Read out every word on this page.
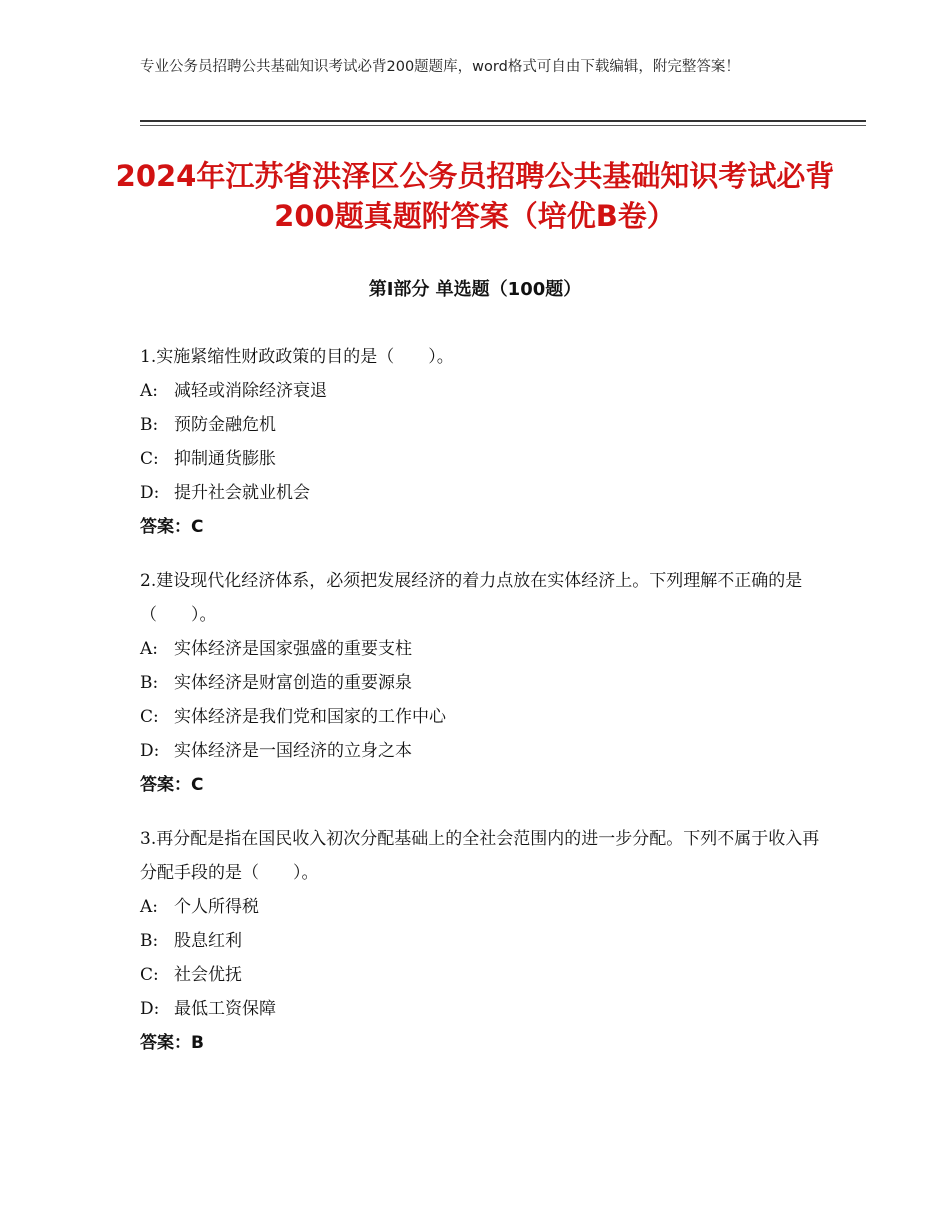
专业公务员招聘公共基础知识考试必背200题题库，word格式可自由下载编辑，附完整答案！
2024年江苏省洪泽区公务员招聘公共基础知识考试必背200题真题附答案（培优B卷）
第Ⅰ部分 单选题（100题）
1.实施紧缩性财政政策的目的是（　　）。
A: 减轻或消除经济衰退
B: 预防金融危机
C: 抑制通货膨胀
D: 提升社会就业机会
答案：C
2.建设现代化经济体系，必须把发展经济的着力点放在实体经济上。下列理解不正确的是（　　）。
A: 实体经济是国家强盛的重要支柱
B: 实体经济是财富创造的重要源泉
C: 实体经济是我们党和国家的工作中心
D: 实体经济是一国经济的立身之本
答案：C
3.再分配是指在国民收入初次分配基础上的全社会范围内的进一步分配。下列不属于收入再分配手段的是（　　）。
A: 个人所得税
B: 股息红利
C: 社会优抚
D: 最低工资保障
答案：B
